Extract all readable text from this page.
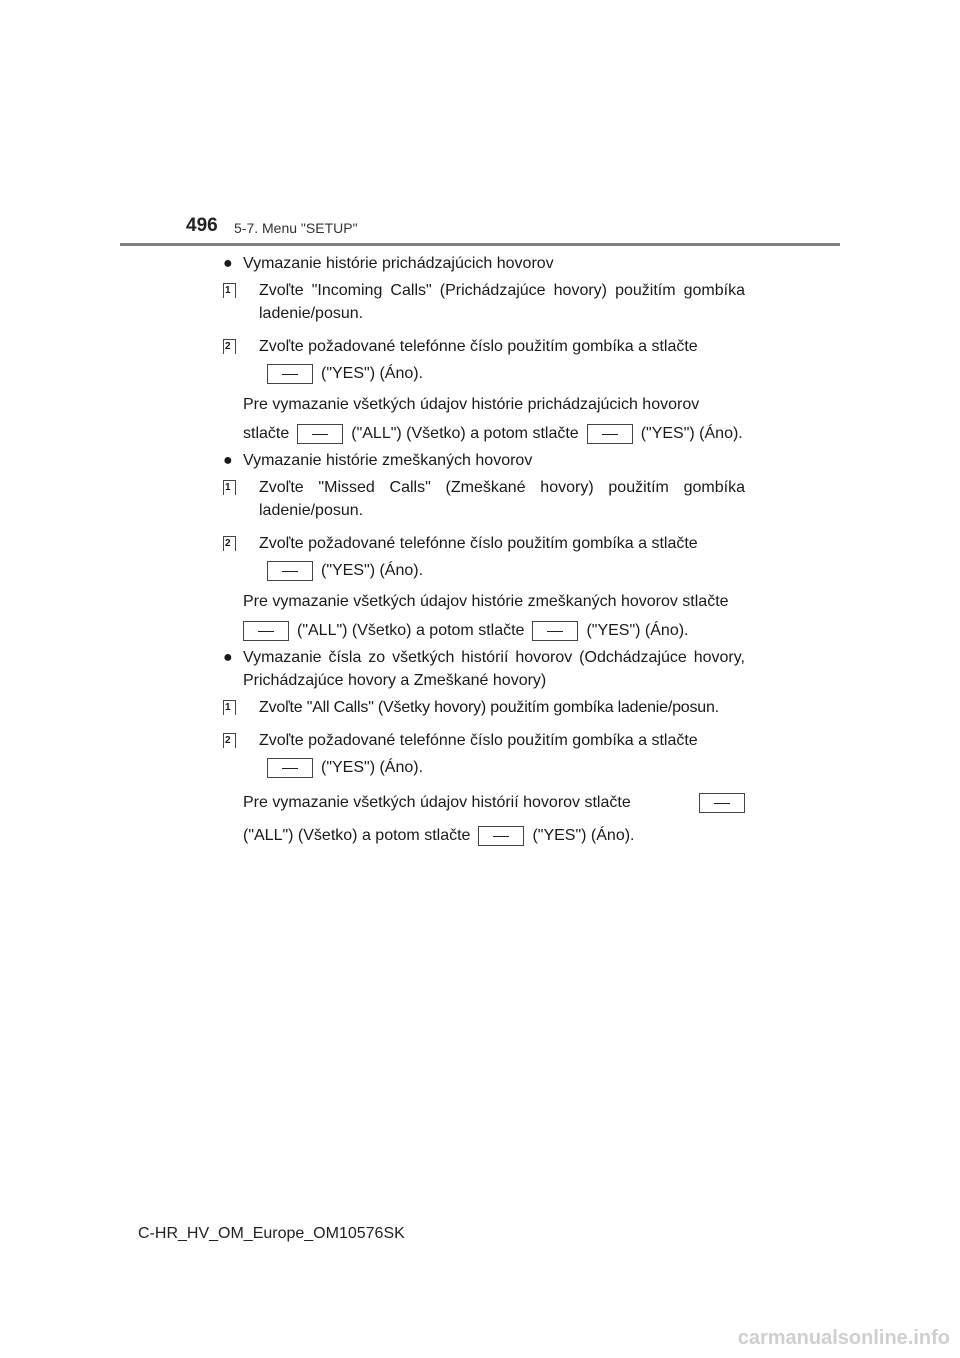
496 5-7. Menu "SETUP"
● Vymazanie histórie prichádzajúcich hovorov
1	Zvoľte "Incoming Calls" (Prichádzajúce hovory) použitím gombíka ladenie/posun.
2	Zvoľte požadované telefónne číslo použitím gombíka a stlačte
("YES") (Áno).
Pre vymazanie všetkých údajov histórie prichádzajúcich hovorov
stlačte	("ALL") (Všetko) a potom stlačte	("YES") (Áno).
● Vymazanie histórie zmeškaných hovorov
1	Zvoľte "Missed Calls" (Zmeškané hovory) použitím gombíka ladenie/posun.
2	Zvoľte požadované telefónne číslo použitím gombíka a stlačte
("YES") (Áno).
Pre vymazanie všetkých údajov histórie zmeškaných hovorov stlačte
("ALL") (Všetko) a potom stlačte	("YES") (Áno).
● Vymazanie čísla zo všetkých histórií hovorov (Odchádzajúce hovory, Prichádzajúce hovory a Zmeškané hovory)
1	Zvoľte "All Calls" (Všetky hovory) použitím gombíka ladenie/posun.
2	Zvoľte požadované telefónne číslo použitím gombíka a stlačte
("YES") (Áno).
Pre vymazanie všetkých údajov histórií hovorov stlačte
("ALL") (Všetko) a potom stlačte	("YES") (Áno).
C-HR_HV_OM_Europe_OM10576SK
carmanualsonline.info
